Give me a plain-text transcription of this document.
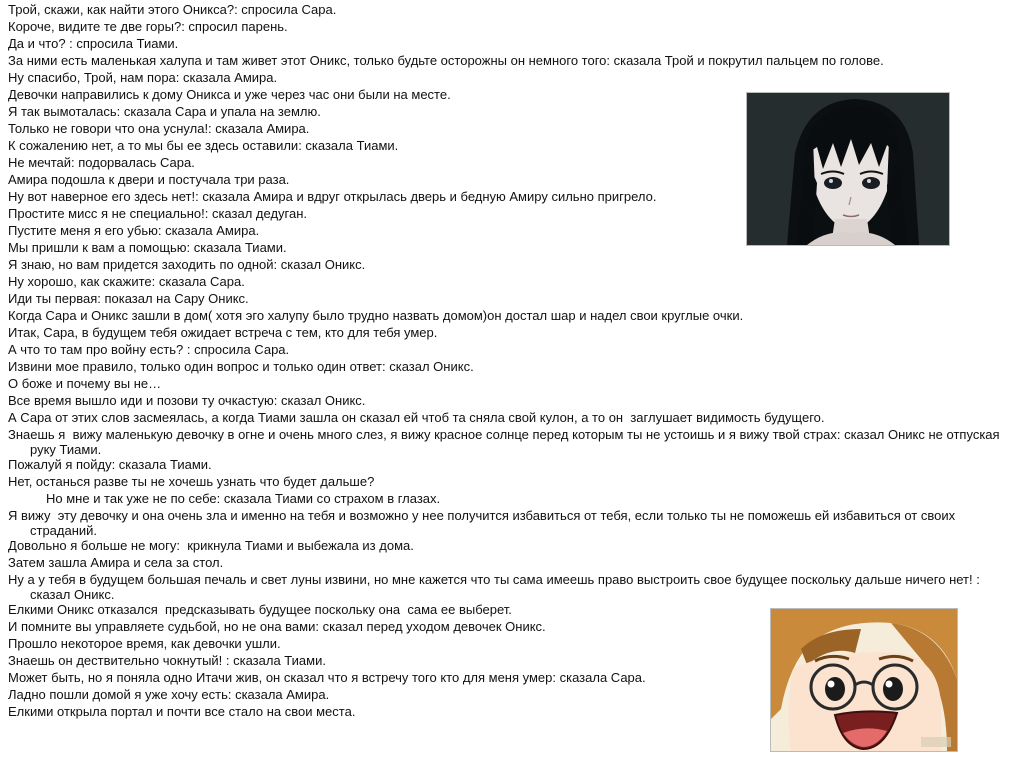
Трой, скажи, как найти этого Оникса?: спросила Сара.

Короче, видите те две горы?: спросил парень.

Да и что? : спросила Тиами.

За ними есть маленькая халупа и там живет этот Оникс, только будьте осторожны он немного того: сказала Трой и покрутил пальцем по голове.

Ну спасибо, Трой, нам пора: сказала Амира.

Девочки направились к дому Оникса и уже через час они были на месте.

Я так вымоталась: сказала Сара и упала на землю.

Только не говори что она уснула!: сказала Амира.

К сожалению нет, а то мы бы ее здесь оставили: сказала Тиами.

Не мечтай: подорвалась Сара.

Амира подошла к двери и постучала три раза.

Ну вот наверное его здесь нет!: сказала Амира и вдруг открылась дверь и бедную Амиру сильно пригрело.

Простите мисс я не специально!: сказал дедуган.

Пустите меня я его убью: сказала Амира.

Мы пришли к вам а помощью: сказала Тиами.

Я знаю, но вам придется заходить по одной: сказал Оникс.

Ну хорошо, как скажите: сказала Сара.

Иди ты первая: показал на Сару Оникс.

Когда Сара и Оникс зашли в дом( хотя эго халупу было трудно назвать домом)он достал шар и надел свои круглые очки.

Итак, Сара, в будущем тебя ожидает встреча с тем, кто для тебя умер.

А что то там про войну есть? : спросила Сара.

Извини мое правило, только один вопрос и только один ответ: сказал Оникс.

О боже и почему вы не…

Все время вышло иди и позови ту очкастую: сказал Оникс.

А Сара от этих слов засмеялась, а когда Тиами зашла он сказал ей чтоб та сняла свой кулон, а то он  заглушает видимость будущего.

Знаешь я  вижу маленькую девочку в огне и очень много слез, я вижу красное солнце перед которым ты не устоишь и я вижу твой страх: сказал Оникс не отпуская руку Тиами.

Пожалуй я пойду: сказала Тиами.

Нет, останься разве ты не хочешь узнать что будет дальше?

Но мне и так уже не по себе: сказала Тиами со страхом в глазах.

Я вижу  эту девочку и она очень зла и именно на тебя и возможно у нее получится избавиться от тебя, если только ты не поможешь ей избавиться от своих страданий.

Довольно я больше не могу:  крикнула Тиами и выбежала из дома.

Затем зашла Амира и села за стол.

Ну а у тебя в будущем большая печаль и свет луны извини, но мне кажется что ты сама имеешь право выстроить свое будущее поскольку дальше ничего нет! : сказал Оникс.

Елкими Оникс отказался  предсказывать будущее поскольку она  сама ее выберет.

И помните вы управляете судьбой, но не она вами: сказал перед уходом девочек Оникс.

Прошло некоторое время, как девочки ушли.

Знаешь он дествительно чокнутый! : сказала Тиами.

Может быть, но я поняла одно Итачи жив, он сказал что я встречу того кто для меня умер: сказала Сара.

Ладно пошли домой я уже хочу есть: сказала Амира.

Елкими открыла портал и почти все стало на свои места.
